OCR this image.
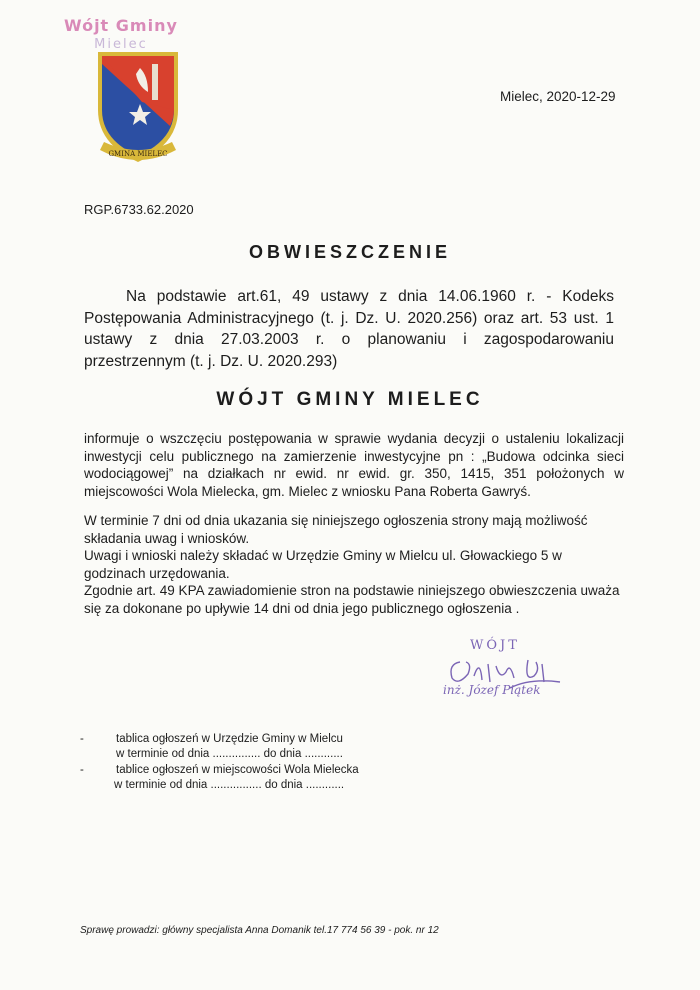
Wójt Gminy
Mielec
GMINA MIELEC
Mielec, 2020-12-29
RGP.6733.62.2020
OBWIESZCZENIE
Na podstawie art.61, 49 ustawy z dnia 14.06.1960 r. - Kodeks Postępowania Administracyjnego (t. j. Dz. U. 2020.256) oraz art. 53 ust. 1 ustawy z dnia 27.03.2003 r. o planowaniu i zagospodarowaniu przestrzennym (t. j. Dz. U. 2020.293)
WÓJT GMINY MIELEC
informuje o wszczęciu postępowania w sprawie wydania decyzji o ustaleniu lokalizacji inwestycji celu publicznego na zamierzenie inwestycyjne pn : „Budowa odcinka sieci wodociągowej” na działkach nr ewid. nr ewid. gr. 350, 1415, 351 położonych w miejscowości Wola Mielecka, gm. Mielec z wniosku Pana Roberta Gawryś.
W terminie 7 dni od dnia ukazania się niniejszego ogłoszenia strony mają możliwość składania uwag i wniosków.
Uwagi i wnioski należy składać w Urzędzie Gminy w Mielcu ul. Głowackiego 5 w godzinach urzędowania.
Zgodnie art. 49 KPA zawiadomienie stron na podstawie niniejszego obwieszczenia uważa się za dokonane po upływie 14 dni od dnia jego publicznego ogłoszenia .
WÓJT
inż. Józef Piątek
-	tablica ogłoszeń w Urzędzie Gminy w Mielcu
w terminie od dnia ............... do dnia ............
-	tablice ogłoszeń w miejscowości Wola Mielecka
w terminie od dnia ................ do dnia ............
Sprawę prowadzi: główny specjalista Anna Domanik tel.17 774 56 39 - pok. nr 12
